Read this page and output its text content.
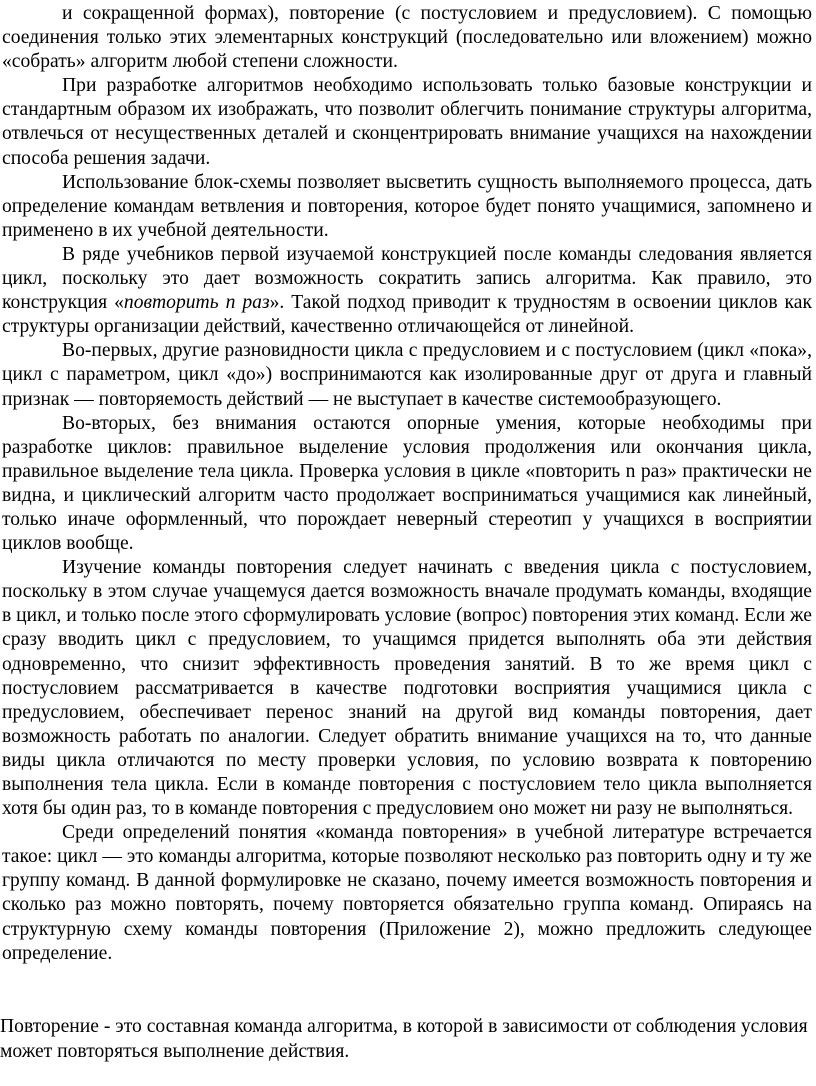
и сокращенной формах), повторение (с постусловием и предусловием). С помощью соединения только этих элементарных конструкций (последовательно или вложением) можно «собрать» алгоритм любой степени сложности.

При разработке алгоритмов необходимо использовать только базовые конструкции и стандартным образом их изображать, что позволит облегчить понимание структуры алгоритма, отвлечься от несущественных деталей и сконцентрировать внимание учащихся на нахождении способа решения задачи.

Использование блок-схемы позволяет высветить сущность выполняемого процесса, дать определение командам ветвления и повторения, которое будет понято учащимися, запомнено и применено в их учебной деятельности.

В ряде учебников первой изучаемой конструкцией после команды следования является цикл, поскольку это дает возможность сократить запись алгоритма. Как правило, это конструкция «повторить n раз». Такой подход приводит к трудностям в освоении циклов как структуры организации действий, качественно отличающейся от линейной.

Во-первых, другие разновидности цикла с предусловием и с постусловием (цикл «пока», цикл с параметром, цикл «до») воспринимаются как изолированные друг от друга и главный признак — повторяемость действий — не выступает в качестве системообразующего.

Во-вторых, без внимания остаются опорные умения, которые необходимы при разработке циклов: правильное выделение условия продолжения или окончания цикла, правильное выделение тела цикла. Проверка условия в цикле «повторить n раз» практически не видна, и циклический алгоритм часто продолжает восприниматься учащимися как линейный, только иначе оформленный, что порождает неверный стереотип у учащихся в восприятии циклов вообще.

Изучение команды повторения следует начинать с введения цикла с постусловием, поскольку в этом случае учащемуся дается возможность вначале продумать команды, входящие в цикл, и только после этого сформулировать условие (вопрос) повторения этих команд. Если же сразу вводить цикл с предусловием, то учащимся придется выполнять оба эти действия одновременно, что снизит эффективность проведения занятий. В то же время цикл с постусловием рассматривается в качестве подготовки восприятия учащимися цикла с предусловием, обеспечивает перенос знаний на другой вид команды повторения, дает возможность работать по аналогии. Следует обратить внимание учащихся на то, что данные виды цикла отличаются по месту проверки условия, по условию возврата к повторению выполнения тела цикла. Если в команде повторения с постусловием тело цикла выполняется хотя бы один раз, то в команде повторения с предусловием оно может ни разу не выполняться.

Среди определений понятия «команда повторения» в учебной литературе встречается такое: цикл — это команды алгоритма, которые позволяют несколько раз повторить одну и ту же группу команд. В данной формулировке не сказано, почему имеется возможность повторения и сколько раз можно повторять, почему повторяется обязательно группа команд. Опираясь на структурную схему команды повторения (Приложение 2), можно предложить следующее определение.

Повторение - это составная команда алгоритма, в которой в зависимости от соблюдения условия может повторяться выполнение действия.
